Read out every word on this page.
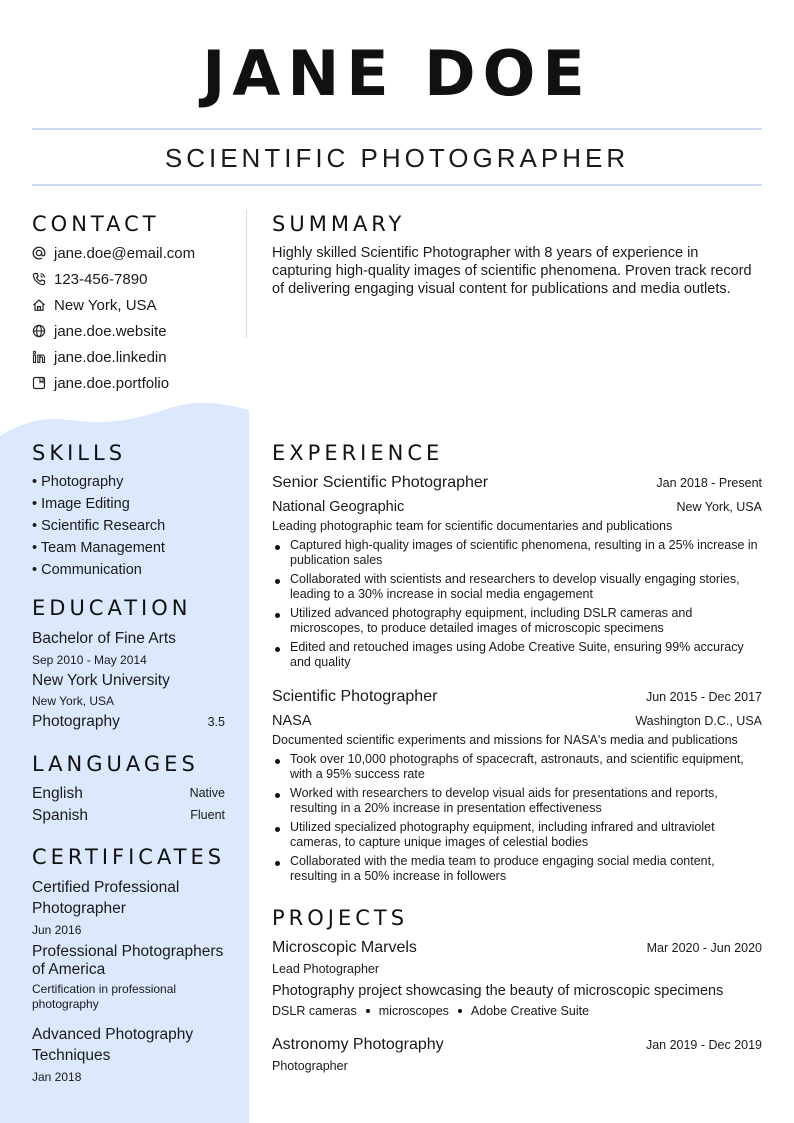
JANE DOE
SCIENTIFIC PHOTOGRAPHER
CONTACT
jane.doe@email.com
123-456-7890
New York, USA
jane.doe.website
jane.doe.linkedin
jane.doe.portfolio
SUMMARY
Highly skilled Scientific Photographer with 8 years of experience in capturing high-quality images of scientific phenomena. Proven track record of delivering engaging visual content for publications and media outlets.
SKILLS
• Photography
• Image Editing
• Scientific Research
• Team Management
• Communication
EDUCATION
Bachelor of Fine Arts
Sep 2010 - May 2014
New York University
New York, USA
Photography	3.5
LANGUAGES
English	Native
Spanish	Fluent
CERTIFICATES
Certified Professional
Photographer
Jun 2016
Professional Photographers
of America
Certification in professional
photography
Advanced Photography
Techniques
Jan 2018
EXPERIENCE
Senior Scientific Photographer	Jan 2018 - Present
National Geographic	New York, USA
Leading photographic team for scientific documentaries and publications
Captured high-quality images of scientific phenomena, resulting in a 25% increase in publication sales
Collaborated with scientists and researchers to develop visually engaging stories, leading to a 30% increase in social media engagement
Utilized advanced photography equipment, including DSLR cameras and microscopes, to produce detailed images of microscopic specimens
Edited and retouched images using Adobe Creative Suite, ensuring 99% accuracy and quality
Scientific Photographer	Jun 2015 - Dec 2017
NASA	Washington D.C., USA
Documented scientific experiments and missions for NASA's media and publications
Took over 10,000 photographs of spacecraft, astronauts, and scientific equipment, with a 95% success rate
Worked with researchers to develop visual aids for presentations and reports, resulting in a 20% increase in presentation effectiveness
Utilized specialized photography equipment, including infrared and ultraviolet cameras, to capture unique images of celestial bodies
Collaborated with the media team to produce engaging social media content, resulting in a 50% increase in followers
PROJECTS
Microscopic Marvels	Mar 2020 - Jun 2020
Lead Photographer
Photography project showcasing the beauty of microscopic specimens
DSLR cameras microscopes Adobe Creative Suite
Astronomy Photography	Jan 2019 - Dec 2019
Photographer
